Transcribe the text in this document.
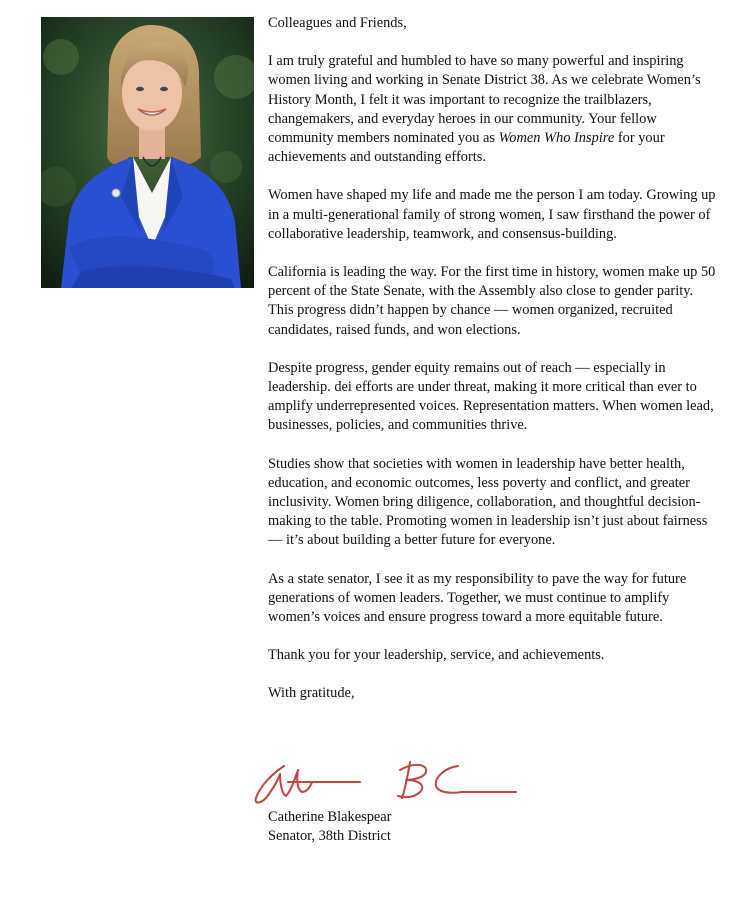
Colleagues and Friends,

I am truly grateful and humbled to have so many powerful and inspiring women living and working in Senate District 38. As we celebrate Women’s History Month, I felt it was important to recognize the trailblazers, changemakers, and everyday heroes in our community. Your fellow community members nominated you as Women Who Inspire for your achievements and outstanding efforts.

Women have shaped my life and made me the person I am today. Growing up in a multi-generational family of strong women, I saw firsthand the power of collaborative leadership, teamwork, and consensus-building.

California is leading the way. For the first time in history, women make up 50 percent of the State Senate, with the Assembly also close to gender parity. This progress didn’t happen by chance — women organized, recruited candidates, raised funds, and won elections.

Despite progress, gender equity remains out of reach — especially in leadership. dei efforts are under threat, making it more critical than ever to amplify underrepresented voices. Representation matters. When women lead, businesses, policies, and communities thrive.

Studies show that societies with women in leadership have better health, education, and economic outcomes, less poverty and conflict, and greater inclusivity. Women bring diligence, collaboration, and thoughtful decision-making to the table. Promoting women in leadership isn’t just about fairness — it’s about building a better future for everyone.

As a state senator, I see it as my responsibility to pave the way for future generations of women leaders. Together, we must continue to amplify women’s voices and ensure progress toward a more equitable future.

Thank you for your leadership, service, and achievements.

With gratitude,

Catherine Blakespear
Senator, 38th District
